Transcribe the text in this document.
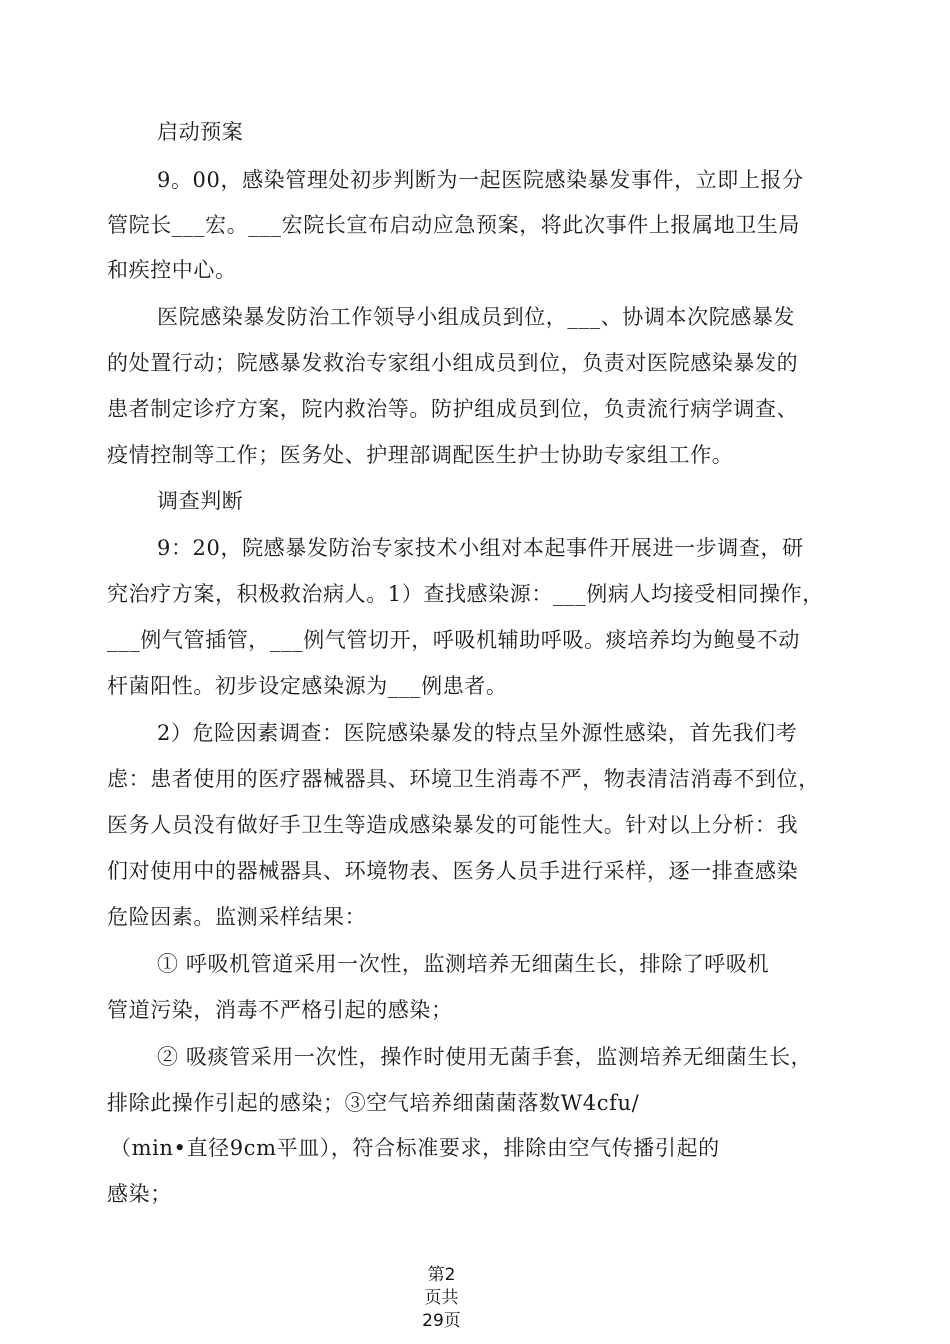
启动预案
9。00，感染管理处初步判断为一起医院感染暴发事件，立即上报分
管院长___宏。___宏院长宣布启动应急预案，将此次事件上报属地卫生局
和疾控中心。
医院感染暴发防治工作领导小组成员到位，___、协调本次院感暴发
的处置行动；院感暴发救治专家组小组成员到位，负责对医院感染暴发的
患者制定诊疗方案，院内救治等。防护组成员到位，负责流行病学调查、
疫情控制等工作；医务处、护理部调配医生护士协助专家组工作。
调查判断
9：20，院感暴发防治专家技术小组对本起事件开展进一步调查，研
究治疗方案，积极救治病人。1）查找感染源：___例病人均接受相同操作，
___例气管插管，___例气管切开，呼吸机辅助呼吸。痰培养均为鲍曼不动
杆菌阳性。初步设定感染源为___例患者。
2）危险因素调查：医院感染暴发的特点呈外源性感染，首先我们考
虑：患者使用的医疗器械器具、环境卫生消毒不严，物表清洁消毒不到位，
医务人员没有做好手卫生等造成感染暴发的可能性大。针对以上分析：我
们对使用中的器械器具、环境物表、医务人员手进行采样，逐一排查感染
危险因素。监测采样结果：
① 呼吸机管道采用一次性，监测培养无细菌生长，排除了呼吸机
管道污染，消毒不严格引起的感染；
② 吸痰管采用一次性，操作时使用无菌手套，监测培养无细菌生长，
排除此操作引起的感染；③空气培养细菌菌落数W4cfu/
（min•直径9cm平皿），符合标准要求，排除由空气传播引起的
感染；
第2
页共
29页
